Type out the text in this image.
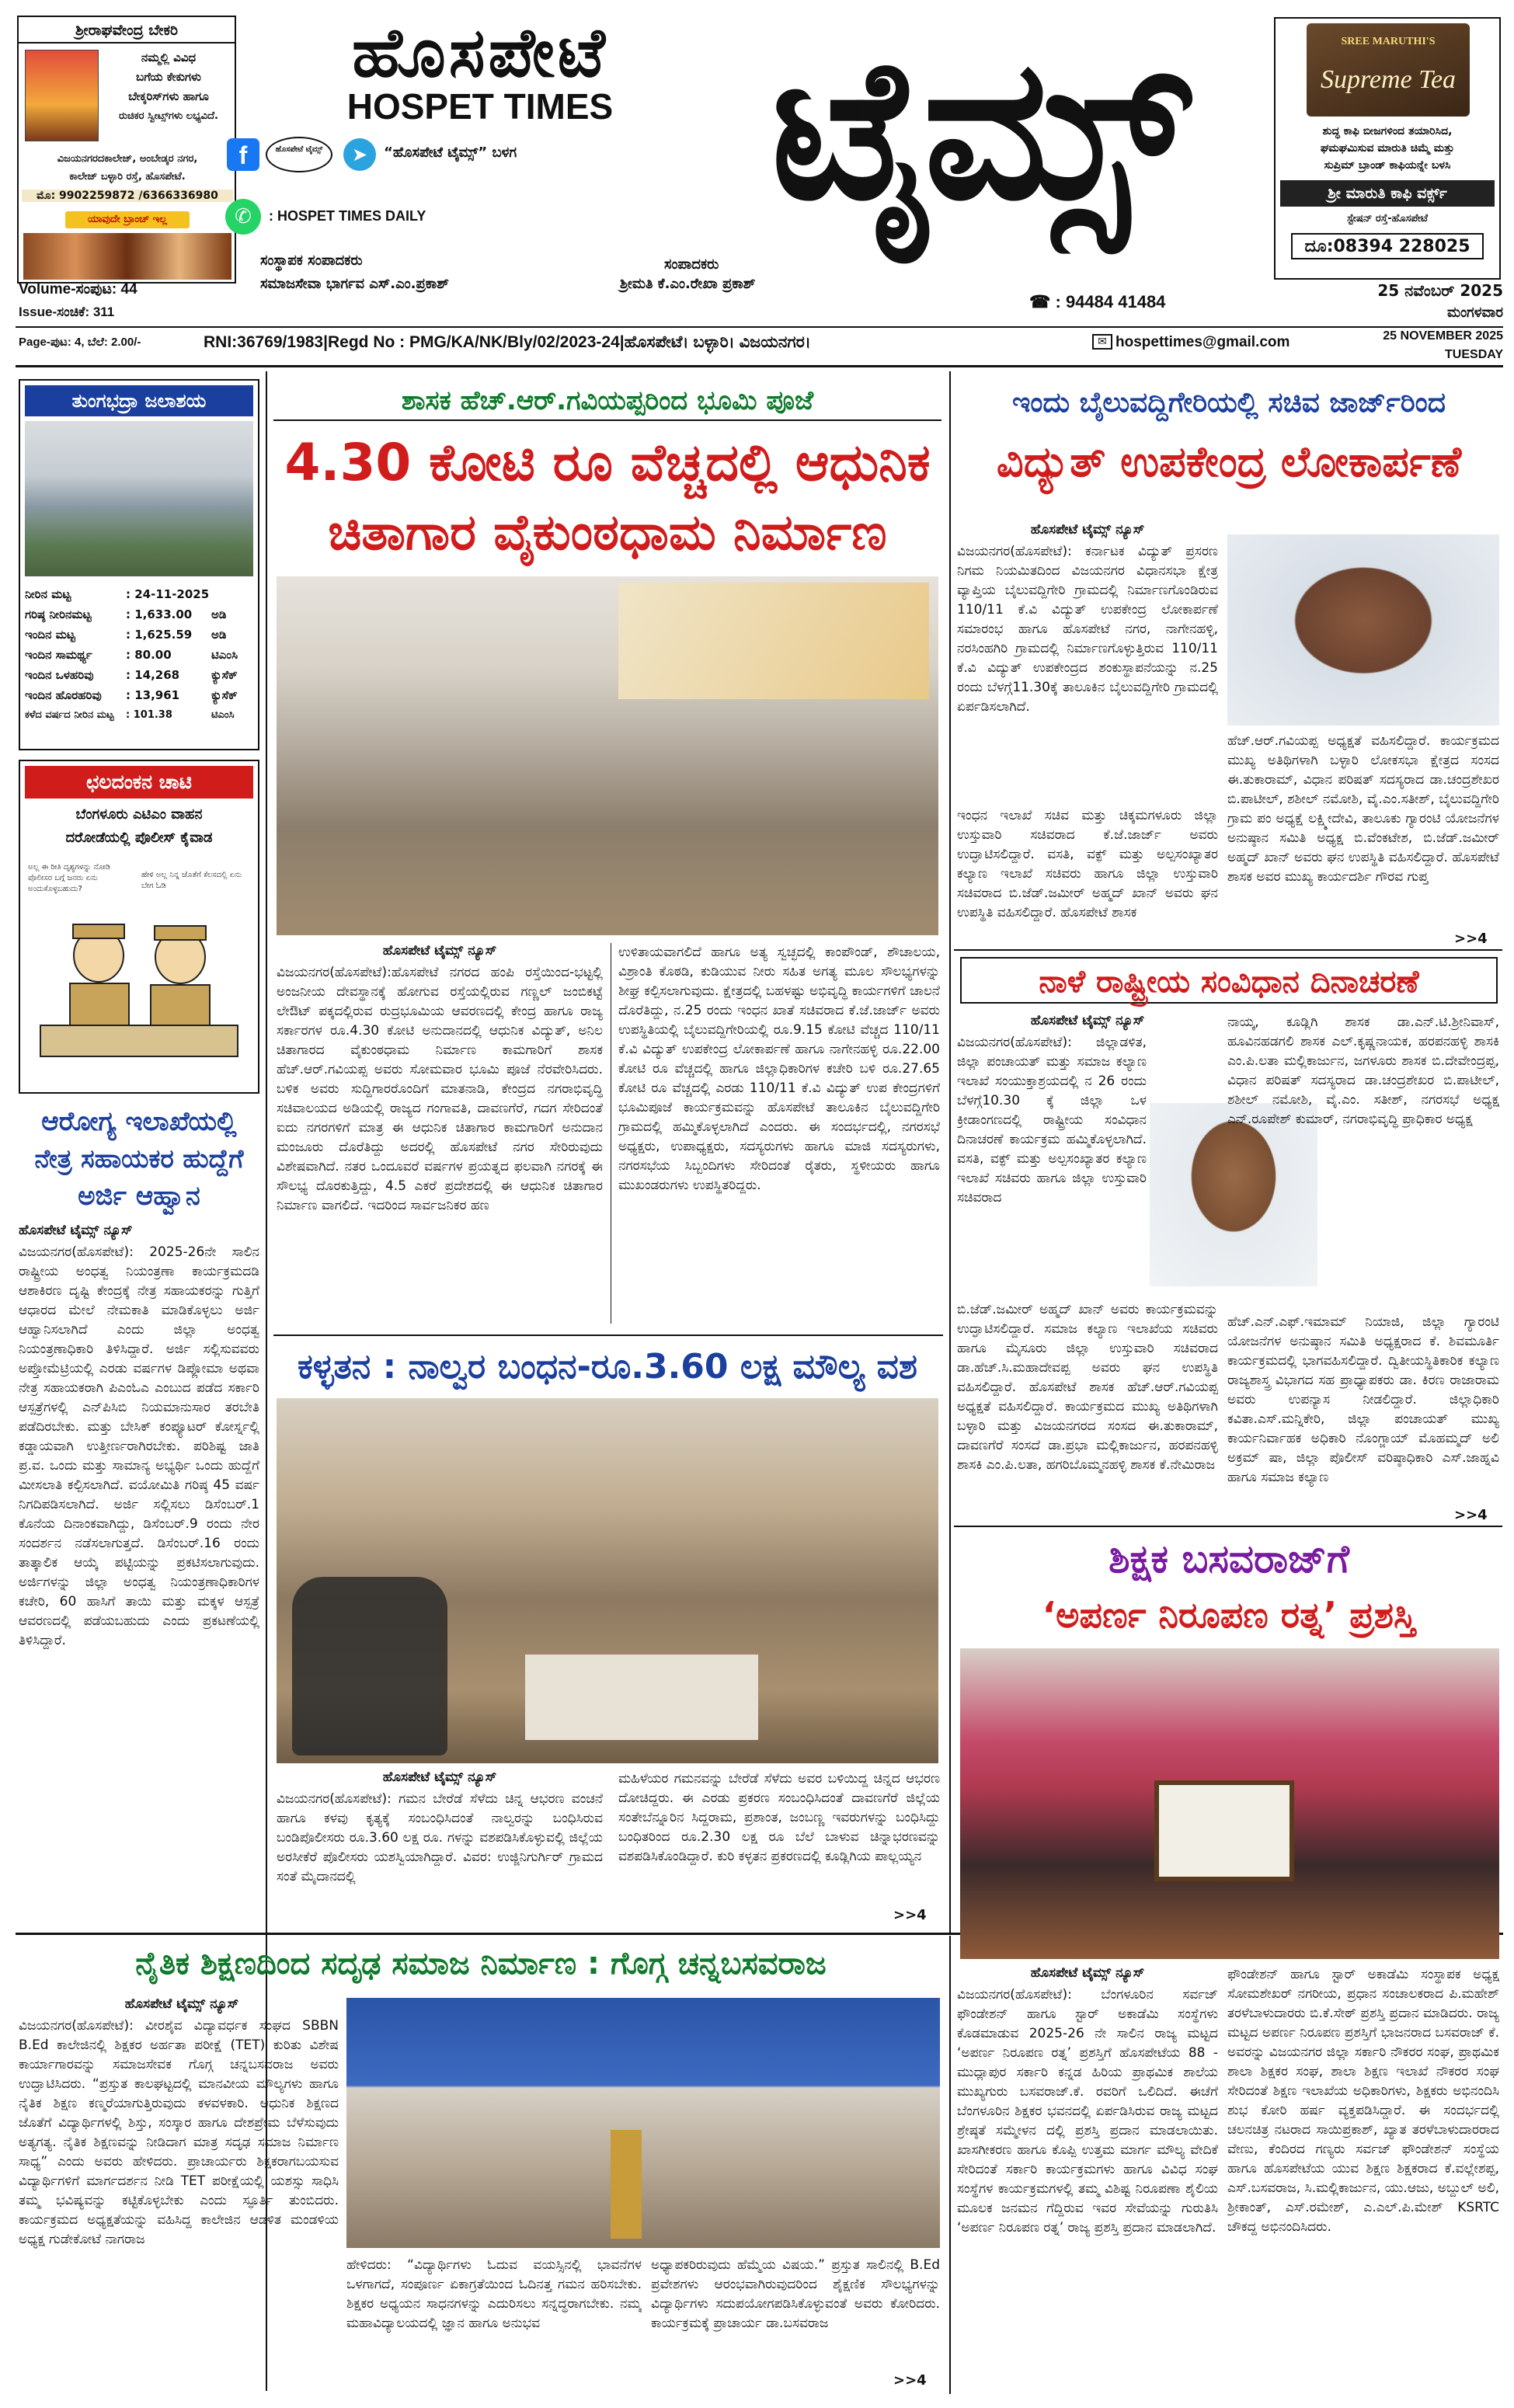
ಶ್ರೀರಾಘವೇಂದ್ರ ಬೇಕರಿ
ನಮ್ಮಲ್ಲಿ ವಿವಿಧ
ಬಗೆಯ ಕೇಕುಗಳು
ಬೇಕ್ಕರಿಸ್‌ಗಳು ಹಾಗೂ
ರುಚಿಕರ ಸ್ವೀಟ್ಸ್‌ಗಳು ಲಭ್ಯವಿದೆ.
ವಿಜಯನಗರದಕಾಲೇಜ್, ಅಂಬೇಡ್ಕರ ನಗರ,
ಕಾಲೇಜ್ ಬಳ್ಳಾರಿ ರಸ್ತೆ, ಹೊಸಪೇಟೆ.
ಮೊ: 9902259872 /6366336980
ಯಾವುದೇ ಬ್ರಾಂಚ್ ಇಲ್ಲ
ಹೊಸಪೇಟೆ
HOSPET TIMES
f	ಹೊಸಪೇಟೆ ಟೈಮ್ಸ್	➤	“ಹೊಸಪೇಟೆ ಟೈಮ್ಸ್” ಬಳಗ
✆	: HOSPET TIMES DAILY
ಸಂಸ್ಥಾಪಕ ಸಂಪಾದಕರು
ಸಮಾಜಸೇವಾ ಭಾರ್ಗವ ಎಸ್.ಎಂ.ಪ್ರಕಾಶ್
ಸಂಪಾದಕರು
ಶ್ರೀಮತಿ ಕೆ.ಎಂ.ರೇಖಾ ಪ್ರಕಾಶ್
ಟೈಮ್ಸ್	SREE MARUTHI'S
Supreme Tea
ಶುದ್ಧ ಕಾಫಿ ಬೀಜಗಳಿಂದ ತಯಾರಿಸಿದ,
ಘಮಘಮಿಸುವ ಮಾರುತಿ ಚಿಮ್ಮೆ ಮತ್ತು
ಸುಪ್ರಿಮ್ ಬ್ರಾಂಡ್ ಕಾಫಿಯನ್ನೇ ಬಳಸಿ
ಶ್ರೀ ಮಾರುತಿ ಕಾಫಿ ವರ್ಕ್ಸ್
ಸ್ಟೇಷನ್ ರಸ್ತೆ-ಹೊಸಪೇಟೆ
ದೂ:08394 228025
Volume-ಸಂಪುಟ: 44
Issue-ಸಂಚಿಕೆ: 311
☎ : 94484 41484
25 ನವೆಂಬರ್ 2025
ಮಂಗಳವಾರ
Page-ಪುಟ: 4, ಬೆಲೆ: 2.00/-	RNI:36769/1983|Regd No : PMG/KA/NK/Bly/02/2023-24|ಹೊಸಪೇಟೆ। ಬಳ್ಳಾರಿ। ವಿಜಯನಗರ।	✉ hospettimes@gmail.com	25 NOVEMBER 2025
TUESDAY
ತುಂಗಭದ್ರಾ ಜಲಾಶಯ
ನೀರಿನ ಮಟ್ಟ	: 24-11-2025
ಗರಿಷ್ಠ ನೀರಿನಮಟ್ಟ	: 1,633.00	ಅಡಿ
ಇಂದಿನ ಮಟ್ಟ	: 1,625.59	ಅಡಿ
ಇಂದಿನ ಸಾಮರ್ಥ್ಯ	: 80.00	ಟಿಎಂಸಿ
ಇಂದಿನ ಒಳಹರಿವು	: 14,268	ಕ್ಯುಸೆಕ್
ಇಂದಿನ ಹೊರಹರಿವು	: 13,961	ಕ್ಯುಸೆಕ್
ಕಳೆದ ವರ್ಷದ ನೀರಿನ ಮಟ್ಟ	: 101.38	ಟಿಎಂಸಿ
ಛಲದಂಕನ ಚಾಟಿ
ಬೆಂಗಳೂರು ಎಟಿಎಂ ವಾಹನ
ದರೋಡೆಯಲ್ಲಿ ಪೊಲೀಸ್ ಕೈವಾಡ
ಅಲ್ಲ ಈ ರೀತಿ ದೃಶ್ಯಗಳನ್ನು ನೋಡಿ ಪೊಲೀಸರ ಬಗ್ಗೆ ಜನರು ಏನು ಅಂದುಕೊಳ್ಳಬಹುದು?
ಹೇಳಿ ಅಲ್ಲ ನಿನ್ನ ಜೊತೆಗೆ ಕೆಲಸದಲ್ಲಿ ಏನು ಬೇಗ ಓಡಿ
ಆರೋಗ್ಯ ಇಲಾಖೆಯಲ್ಲಿ
ನೇತ್ರ ಸಹಾಯಕರ ಹುದ್ದೆಗೆ
ಅರ್ಜಿ ಆಹ್ವಾನ
ಹೊಸಪೇಟೆ ಟೈಮ್ಸ್ ನ್ಯೂಸ್
ವಿಜಯನಗರ(ಹೊಸಪೇಟೆ): 2025-26ನೇ ಸಾಲಿನ ರಾಷ್ಟ್ರೀಯ ಅಂಧತ್ವ ನಿಯಂತ್ರಣಾ ಕಾರ್ಯಕ್ರಮದಡಿ ಆಶಾಕಿರಣ ದೃಷ್ಟಿ ಕೇಂದ್ರಕ್ಕೆ ನೇತ್ರ ಸಹಾಯಕರನ್ನು ಗುತ್ತಿಗೆ ಆಧಾರದ ಮೇಲೆ ನೇಮಕಾತಿ ಮಾಡಿಕೊಳ್ಳಲು ಅರ್ಜಿ ಆಹ್ವಾನಿಸಲಾಗಿದೆ ಎಂದು ಜಿಲ್ಲಾ ಅಂಧತ್ವ ನಿಯಂತ್ರಣಾಧಿಕಾರಿ ತಿಳಿಸಿದ್ದಾರೆ. ಅರ್ಜಿ ಸಲ್ಲಿಸುವವರು ಅಪ್ತೋಮೆಟ್ರಿಯಲ್ಲಿ ಎರಡು ವರ್ಷಗಳ ಡಿಪ್ಲೋಮಾ ಅಥವಾ ನೇತ್ರ ಸಹಾಯಕರಾಗಿ ಪಿಎಂಓಎ ಎಂಬುದ ಪಡೆದ ಸರ್ಕಾರಿ ಆಸ್ಪತ್ರೆಗಳಲ್ಲಿ ಎನ್‌ಪಿಸಿಬಿ ನಿಯಮಾನುಸಾರ ತರಬೇತಿ ಪಡೆದಿರಬೇಕು. ಮತ್ತು ಬೇಸಿಕ್ ಕಂಪ್ಯೂಟರ್ ಕೋರ್ಸ್ನಲ್ಲಿ ಕಡ್ಡಾಯವಾಗಿ ಉತ್ತೀರ್ಣರಾಗಿರಬೇಕು. ಪರಿಶಿಷ್ಟ ಜಾತಿ ಪ್ರ.ವ. ಒಂದು ಮತ್ತು ಸಾಮಾನ್ಯ ಅಭ್ಯರ್ಥಿ ಒಂದು ಹುದ್ದೆಗೆ ಮೀಸಲಾತಿ ಕಲ್ಪಿಸಲಾಗಿದೆ. ವಯೋಮಿತಿ ಗರಿಷ್ಠ 45 ವರ್ಷ ನಿಗದಿಪಡಿಸಲಾಗಿದೆ. ಅರ್ಜಿ ಸಲ್ಲಿಸಲು ಡಿಸೆಂಬರ್.1 ಕೊನೆಯ ದಿನಾಂಕವಾಗಿದ್ದು, ಡಿಸೆಂಬರ್.9 ರಂದು ನೇರ ಸಂದರ್ಶನ ನಡೆಸಲಾಗುತ್ತದೆ. ಡಿಸೆಂಬರ್.16 ರಂದು ತಾತ್ಕಾಲಿಕ ಆಯ್ಕೆ ಪಟ್ಟಿಯನ್ನು ಪ್ರಕಟಿಸಲಾಗುವುದು. ಅರ್ಜಿಗಳನ್ನು ಜಿಲ್ಲಾ ಅಂಧತ್ವ ನಿಯಂತ್ರಣಾಧಿಕಾರಿಗಳ ಕಚೇರಿ, 60 ಹಾಸಿಗೆ ತಾಯಿ ಮತ್ತು ಮಕ್ಕಳ ಆಸ್ಪತ್ರೆ ಆವರಣದಲ್ಲಿ ಪಡೆಯಬಹುದು ಎಂದು ಪ್ರಕಟಣೆಯಲ್ಲಿ ತಿಳಿಸಿದ್ದಾರೆ.
ಶಾಸಕ ಹೆಚ್.ಆರ್.ಗವಿಯಪ್ಪರಿಂದ ಭೂಮಿ ಪೂಜೆ
4.30 ಕೋಟಿ ರೂ ವೆಚ್ಚದಲ್ಲಿ ಆಧುನಿಕ
ಚಿತಾಗಾರ ವೈಕುಂಠಧಾಮ ನಿರ್ಮಾಣ
ಹೊಸಪೇಟೆ ಟೈಮ್ಸ್ ನ್ಯೂಸ್
ವಿಜಯನಗರ(ಹೊಸಪೇಟೆ):ಹೊಸಪೇಟೆ ನಗರದ ಹಂಪಿ ರಸ್ತೆಯಿಂದ-ಭಟ್ಟಲ್ಲಿ ಅಂಜನೀಯ ದೇವಸ್ಥಾನಕ್ಕೆ ಹೋಗುವ ರಸ್ತೆಯಲ್ಲಿರುವ ಗಣ್ಣಲ್ ಜಂಬಿಕಟ್ಟೆ ಲೇಔಟ್ ಪಕ್ಕದಲ್ಲಿರುವ ರುದ್ರಭೂಮಿಯ ಆವರಣದಲ್ಲಿ ಕೇಂದ್ರ ಹಾಗೂ ರಾಜ್ಯ ಸರ್ಕಾರಗಳ ರೂ.4.30 ಕೋಟಿ ಅನುದಾನದಲ್ಲಿ ಆಧುನಿಕ ವಿದ್ಯುತ್, ಅನಿಲ ಚಿತಾಗಾರದ ವೈಕುಂಠಧಾಮ ನಿರ್ಮಾಣ ಕಾಮಗಾರಿಗೆ ಶಾಸಕ ಹೆಚ್.ಆರ್.ಗವಿಯಪ್ಪ ಅವರು ಸೋಮವಾರ ಭೂಮಿ ಪೂಜೆ ನೆರವೇರಿಸಿದರು. ಬಳಿಕ ಅವರು ಸುದ್ದಿಗಾರರೊಂದಿಗೆ ಮಾತನಾಡಿ, ಕೇಂದ್ರದ ನಗರಾಭಿವೃದ್ಧಿ ಸಚಿವಾಲಯದ ಅಡಿಯಲ್ಲಿ ರಾಜ್ಯದ ಗಂಗಾವತಿ, ದಾವಣಗೆರೆ, ಗದಗ ಸೇರಿದಂತೆ ಐದು ನಗರಗಳಿಗೆ ಮಾತ್ರ ಈ ಆಧುನಿಕ ಚಿತಾಗಾರ ಕಾಮಗಾರಿಗೆ ಅನುದಾನ ಮಂಜೂರು ದೊರೆತಿದ್ದು ಅದರಲ್ಲಿ ಹೊಸಪೇಟೆ ನಗರ ಸೇರಿರುವುದು ವಿಶೇಷವಾಗಿದೆ. ನತರ ಒಂದೂವರೆ ವರ್ಷಗಳ ಪ್ರಯತ್ನದ ಫಲವಾಗಿ ನಗರಕ್ಕೆ ಈ ಸೌಲಭ್ಯ ದೊರಕುತ್ತಿದ್ದು, 4.5 ಎಕರೆ ಪ್ರದೇಶದಲ್ಲಿ ಈ ಆಧುನಿಕ ಚಿತಾಗಾರ ನಿರ್ಮಾಣ ವಾಗಲಿದೆ. ಇದರಿಂದ ಸಾರ್ವಜನಿಕರ ಹಣ
ಉಳಿತಾಯವಾಗಲಿದೆ ಹಾಗೂ ಅತ್ಯ ಸ್ವಚ್ಛದಲ್ಲಿ ಕಾಂಪೌಂಡ್, ಶೌಚಾಲಯ, ವಿಶ್ರಾಂತಿ ಕೊಠಡಿ, ಕುಡಿಯುವ ನೀರು ಸಹಿತ ಅಗತ್ಯ ಮೂಲ ಸೌಲಭ್ಯಗಳನ್ನು ಶೀಘ್ರ ಕಲ್ಪಿಸಲಾಗುವುದು. ಕ್ಷೇತ್ರದಲ್ಲಿ ಬಹಳಷ್ಟು ಅಭಿವೃದ್ಧಿ ಕಾರ್ಯಗಳಿಗೆ ಚಾಲನೆ ದೊರೆತಿದ್ದು, ನ.25 ರಂದು ಇಂಧನ ಖಾತೆ ಸಚಿವರಾದ ಕೆ.ಜೆ.ಜಾರ್ಜ್ ಅವರು ಉಪಸ್ಥಿತಿಯಲ್ಲಿ ಬೈಲುವದ್ದಿಗೇರಿಯಲ್ಲಿ ರೂ.9.15 ಕೋಟಿ ವೆಚ್ಚದ 110/11 ಕೆ.ವಿ ವಿದ್ಯುತ್ ಉಪಕೇಂದ್ರ ಲೋಕಾರ್ಪಣೆ ಹಾಗೂ ನಾಗೇನಹಳ್ಳಿ ರೂ.22.00 ಕೋಟಿ ರೂ ವೆಚ್ಚದಲ್ಲಿ ಹಾಗೂ ಜಿಲ್ಲಾಧಿಕಾರಿಗಳ ಕಚೇರಿ ಬಳಿ ರೂ.27.65 ಕೋಟಿ ರೂ ವೆಚ್ಚದಲ್ಲಿ ಎರಡು 110/11 ಕೆ.ವಿ ವಿದ್ಯುತ್ ಉಪ ಕೇಂದ್ರಗಳಿಗೆ ಭೂಮಿಪೂಜೆ ಕಾರ್ಯಕ್ರಮವನ್ನು ಹೊಸಪೇಟೆ ತಾಲೂಕಿನ ಬೈಲುವದ್ದಿಗೇರಿ ಗ್ರಾಮದಲ್ಲಿ ಹಮ್ಮಿಕೊಳ್ಳಲಾಗಿದೆ ಎಂದರು. ಈ ಸಂದರ್ಭದಲ್ಲಿ, ನಗರಸಭೆ ಅಧ್ಯಕ್ಷರು, ಉಪಾಧ್ಯಕ್ಷರು, ಸದಸ್ಯರುಗಳು ಹಾಗೂ ಮಾಜಿ ಸದಸ್ಯರುಗಳು, ನಗರಸಭೆಯ ಸಿಬ್ಬಂದಿಗಳು ಸೇರಿದಂತೆ ರೈತರು, ಸ್ಥಳೀಯರು ಹಾಗೂ ಮುಖಂಡರುಗಳು ಉಪಸ್ಥಿತರಿದ್ದರು.
ಕಳ್ಳತನ : ನಾಲ್ವರ ಬಂಧನ-ರೂ.3.60 ಲಕ್ಷ ಮೌಲ್ಯ ವಶ
ಹೊಸಪೇಟೆ ಟೈಮ್ಸ್ ನ್ಯೂಸ್
ವಿಜಯನಗರ(ಹೊಸಪೇಟೆ): ಗಮನ ಬೇರೆಡೆ ಸೆಳೆದು ಚಿನ್ನ ಆಭರಣ ವಂಚನೆ ಹಾಗೂ ಕಳವು ಕೃತ್ಯಕ್ಕೆ ಸಂಬಂಧಿಸಿದಂತೆ ನಾಲ್ವರನ್ನು ಬಂಧಿಸಿರುವ ಬಂಡಿಪೊಲೀಸರು ರೂ.3.60 ಲಕ್ಷ ರೂ. ಗಳನ್ನು ವಶಪಡಿಸಿಕೊಳ್ಳುವಲ್ಲಿ ಜಿಲ್ಲೆಯ ಅರಸೀಕೆರೆ ಪೊಲೀಸರು ಯಶಸ್ವಿಯಾಗಿದ್ದಾರೆ. ವಿವರ: ಉಜ್ಜಿನಿಗುರ್ಗಿರ್ ಗ್ರಾಮದ ಸಂತೆ ಮೈದಾನದಲ್ಲಿ
ಮಹಿಳೆಯರ ಗಮನವನ್ನು ಬೇರೆಡೆ ಸೆಳೆದು ಅವರ ಬಳಿಯಿದ್ದ ಚಿನ್ನದ ಆಭರಣ ದೋಚಿದ್ದರು. ಈ ಎರಡು ಪ್ರಕರಣ ಸಂಬಂಧಿಸಿದಂತೆ ದಾವಣಗೆರೆ ಜಿಲ್ಲೆಯ ಸಂತೇಬೆನ್ನೂರಿನ ಸಿದ್ದರಾಮ, ಪ್ರಶಾಂತ, ಜಂಬಣ್ಣ ಇವರುಗಳನ್ನು ಬಂಧಿಸಿದ್ದು ಬಂಧಿತರಿಂದ ರೂ.2.30 ಲಕ್ಷ ರೂ ಬೆಲೆ ಬಾಳುವ ಚಿನ್ನಾಭರಣವನ್ನು ವಶಪಡಿಸಿಕೊಂಡಿದ್ದಾರೆ. ಕುರಿ ಕಳ್ಳತನ ಪ್ರಕರಣದಲ್ಲಿ ಕೂಡ್ಲಿಗಿಯ ಪಾಲ್ಲಯ್ಯನ
>>4
ಇಂದು ಬೈಲುವದ್ದಿಗೇರಿಯಲ್ಲಿ ಸಚಿವ ಜಾರ್ಜ್‌ರಿಂದ
ವಿದ್ಯುತ್ ಉಪಕೇಂದ್ರ ಲೋಕಾರ್ಪಣೆ
ಹೊಸಪೇಟೆ ಟೈಮ್ಸ್ ನ್ಯೂಸ್
ವಿಜಯನಗರ(ಹೊಸಪೇಟೆ): ಕರ್ನಾಟಕ ವಿದ್ಯುತ್ ಪ್ರಸರಣ ನಿಗಮ ನಿಯಮಿತದಿಂದ ವಿಜಯನಗರ ವಿಧಾನಸಭಾ ಕ್ಷೇತ್ರ ವ್ಯಾಪ್ತಿಯ ಬೈಲುವದ್ದಿಗೇರಿ ಗ್ರಾಮದಲ್ಲಿ ನಿರ್ಮಾಣಗೊಂಡಿರುವ 110/11 ಕೆ.ವಿ ವಿದ್ಯುತ್ ಉಪಕೇಂದ್ರ ಲೋಕಾರ್ಪಣೆ ಸಮಾರಂಭ ಹಾಗೂ ಹೊಸಪೇಟೆ ನಗರ, ನಾಗೇನಹಳ್ಳಿ, ನರಸಿಂಹಗಿರಿ ಗ್ರಾಮದಲ್ಲಿ ನಿರ್ಮಾಣಗೊಳ್ಳುತ್ತಿರುವ 110/11 ಕೆ.ವಿ ವಿದ್ಯುತ್ ಉಪಕೇಂದ್ರದ ಶಂಕುಸ್ಥಾಪನೆಯನ್ನು ನ.25 ರಂದು ಬೆಳಗ್ಗೆ11.30ಕ್ಕೆ ತಾಲೂಕಿನ ಬೈಲುವದ್ದಿಗೇರಿ ಗ್ರಾಮದಲ್ಲಿ ಏರ್ಪಡಿಸಲಾಗಿದೆ.
ಹೆಚ್.ಆರ್.ಗವಿಯಪ್ಪ ಅಧ್ಯಕ್ಷತೆ ವಹಿಸಲಿದ್ದಾರೆ. ಕಾರ್ಯಕ್ರಮದ ಮುಖ್ಯ ಅತಿಥಿಗಳಾಗಿ ಬಳ್ಳಾರಿ ಲೋಕಸಭಾ ಕ್ಷೇತ್ರದ ಸಂಸದ ಈ.ತುಕಾರಾಮ್, ವಿಧಾನ ಪರಿಷತ್ ಸದಸ್ಯರಾದ ಡಾ.ಚಂದ್ರಶೇಖರ ಬಿ.ಪಾಟೀಲ್, ಶಶೀಲ್ ನಮೋಶಿ, ವೈ.ಎಂ.ಸತೀಶ್, ಬೈಲುವದ್ದಿಗೇರಿ ಗ್ರಾಮ ಪಂ ಅಧ್ಯಕ್ಷೆ ಲಕ್ಷ್ಮೀದೇವಿ, ತಾಲೂಕು ಗ್ಯಾರಂಟಿ ಯೋಜನೆಗಳ ಅನುಷ್ಠಾನ ಸಮಿತಿ ಅಧ್ಯಕ್ಷ ಬಿ.ವೆಂಕಟೇಶ, ಬಿ.ಜೆಡ್.ಜಮೀರ್ ಅಹ್ಮದ್ ಖಾನ್ ಅವರು ಘನ ಉಪಸ್ಥಿತಿ ವಹಿಸಲಿದ್ದಾರೆ. ಹೊಸಪೇಟೆ ಶಾಸಕ ಅವರ ಮುಖ್ಯ ಕಾರ್ಯದರ್ಶಿ ಗೌರವ ಗುಪ್ತ
ಇಂಧನ ಇಲಾಖೆ ಸಚಿವ ಮತ್ತು ಚಿಕ್ಕಮಗಳೂರು ಜಿಲ್ಲಾ ಉಸ್ತುವಾರಿ ಸಚಿವರಾದ ಕೆ.ಜೆ.ಜಾರ್ಜ್ ಅವರು ಉದ್ಘಾಟಿಸಲಿದ್ದಾರೆ. ವಸತಿ, ವಕ್ಫ್ ಮತ್ತು ಅಲ್ಪಸಂಖ್ಯಾತರ ಕಲ್ಯಾಣ ಇಲಾಖೆ ಸಚಿವರು ಹಾಗೂ ಜಿಲ್ಲಾ ಉಸ್ತುವಾರಿ ಸಚಿವರಾದ ಬಿ.ಜೆಡ್.ಜಮೀರ್ ಅಹ್ಮದ್ ಖಾನ್ ಅವರು ಘನ ಉಪಸ್ಥಿತಿ ವಹಿಸಲಿದ್ದಾರೆ. ಹೊಸಪೇಟೆ ಶಾಸಕ
>>4
ನಾಳೆ ರಾಷ್ಟ್ರೀಯ ಸಂವಿಧಾನ ದಿನಾಚರಣೆ
ಹೊಸಪೇಟೆ ಟೈಮ್ಸ್ ನ್ಯೂಸ್
ವಿಜಯನಗರ(ಹೊಸಪೇಟೆ): ಜಿಲ್ಲಾಡಳಿತ, ಜಿಲ್ಲಾ ಪಂಚಾಯತ್ ಮತ್ತು ಸಮಾಜ ಕಲ್ಯಾಣ ಇಲಾಖೆ ಸಂಯುಕ್ತಾಶ್ರಯದಲ್ಲಿ ನ 26 ರಂದು ಬೆಳಗ್ಗೆ10.30 ಕ್ಕೆ ಜಿಲ್ಲಾ ಒಳ ಕ್ರೀಡಾಂಗಣದಲ್ಲಿ ರಾಷ್ಟ್ರೀಯ ಸಂವಿಧಾನ ದಿನಾಚರಣೆ ಕಾರ್ಯಕ್ರಮ ಹಮ್ಮಿಕೊಳ್ಳಲಾಗಿದೆ. ವಸತಿ, ವಕ್ಫ್ ಮತ್ತು ಅಲ್ಪಸಂಖ್ಯಾತರ ಕಲ್ಯಾಣ ಇಲಾಖೆ ಸಚಿವರು ಹಾಗೂ ಜಿಲ್ಲಾ ಉಸ್ತುವಾರಿ ಸಚಿವರಾದ
ಬಿ.ಜೆಡ್.ಜಮೀರ್ ಅಹ್ಮದ್ ಖಾನ್ ಅವರು ಕಾರ್ಯಕ್ರಮವನ್ನು ಉದ್ಘಾಟಿಸಲಿದ್ದಾರೆ. ಸಮಾಜ ಕಲ್ಯಾಣ ಇಲಾಖೆಯ ಸಚಿವರು ಹಾಗೂ ಮೈಸೂರು ಜಿಲ್ಲಾ ಉಸ್ತುವಾರಿ ಸಚಿವರಾದ ಡಾ.ಹೆಚ್.ಸಿ.ಮಹಾದೇವಪ್ಪ ಅವರು ಘನ ಉಪಸ್ಥಿತಿ ವಹಿಸಲಿದ್ದಾರೆ. ಹೊಸಪೇಟೆ ಶಾಸಕ ಹೆಚ್.ಆರ್.ಗವಿಯಪ್ಪ ಅಧ್ಯಕ್ಷತೆ ವಹಿಸಲಿದ್ದಾರೆ. ಕಾರ್ಯಕ್ರಮದ ಮುಖ್ಯ ಅತಿಥಿಗಳಾಗಿ ಬಳ್ಳಾರಿ ಮತ್ತು ವಿಜಯನಗರದ ಸಂಸದ ಈ.ತುಕಾರಾಮ್, ದಾವಣಗೆರೆ ಸಂಸದೆ ಡಾ.ಪ್ರಭಾ ಮಲ್ಲಿಕಾರ್ಜುನ, ಹರಪನಹಳ್ಳಿ ಶಾಸಕಿ ಎಂ.ಪಿ.ಲತಾ, ಹಗರಿಬೊಮ್ಮನಹಳ್ಳಿ ಶಾಸಕ ಕೆ.ನೇಮಿರಾಜ
ನಾಯ್ಕ, ಕೂಡ್ಲಿಗಿ ಶಾಸಕ ಡಾ.ಎನ್.ಟಿ.ಶ್ರೀನಿವಾಸ್, ಹೂವಿನಹಡಗಲಿ ಶಾಸಕ ಎಲ್.ಕೃಷ್ಣನಾಯಕ, ಹರಪನಹಳ್ಳಿ ಶಾಸಕಿ ಎಂ.ಪಿ.ಲತಾ ಮಲ್ಲಿಕಾರ್ಜುನ, ಜಗಳೂರು ಶಾಸಕ ಬಿ.ದೇವೇಂದ್ರಪ್ಪ, ವಿಧಾನ ಪರಿಷತ್ ಸದಸ್ಯರಾದ ಡಾ.ಚಂದ್ರಶೇಖರ ಬಿ.ಪಾಟೀಲ್, ಶಶೀಲ್ ನಮೋಶಿ, ವೈ.ಎಂ. ಸತೀಶ್, ನಗರಸಭೆ ಅಧ್ಯಕ್ಷ ಎನ್.ರೂಪೇಶ್ ಕುಮಾರ್, ನಗರಾಭಿವೃದ್ಧಿ ಪ್ರಾಧಿಕಾರ ಅಧ್ಯಕ್ಷ
ಹೆಚ್.ಎನ್.ಎಫ್.ಇಮಾಮ್ ನಿಯಾಜಿ, ಜಿಲ್ಲಾ ಗ್ಯಾರಂಟಿ ಯೋಜನೆಗಳ ಅನುಷ್ಠಾನ ಸಮಿತಿ ಅಧ್ಯಕ್ಷರಾದ ಕೆ. ಶಿವಮೂರ್ತಿ ಕಾರ್ಯಕ್ರಮದಲ್ಲಿ ಭಾಗವಹಿಸಲಿದ್ದಾರೆ. ದ್ವಿತೀಯಸ್ಥಿತಿಕಾರಿಕ ಕಲ್ಯಾಣ ರಾಜ್ಯಶಾಸ್ತ್ರ ವಿಭಾಗದ ಸಹ ಪ್ರಾಧ್ಯಾಪಕರು ಡಾ. ಕಿರಣ ರಾಜಾರಾಮ ಅವರು ಉಪನ್ಯಾಸ ನೀಡಲಿದ್ದಾರೆ. ಜಿಲ್ಲಾಧಿಕಾರಿ ಕವಿತಾ.ಎಸ್.ಮನ್ನಿಕೇರಿ, ಜಿಲ್ಲಾ ಪಂಚಾಯತ್ ಮುಖ್ಯ ಕಾರ್ಯನಿರ್ವಾಹಕ ಅಧಿಕಾರಿ ನೊಂಗ್ಜಾಯ್ ಮೊಹಮ್ಮದ್ ಅಲಿ ಅಕ್ರಮ್ ಷಾ, ಜಿಲ್ಲಾ ಪೊಲೀಸ್ ವರಿಷ್ಠಾಧಿಕಾರಿ ಎಸ್.ಜಾಹ್ನವಿ ಹಾಗೂ ಸಮಾಜ ಕಲ್ಯಾಣ
>>4
ಶಿಕ್ಷಕ ಬಸವರಾಜ್‌ಗೆ
‘ಅಪರ್ಣ ನಿರೂಪಣ ರತ್ನ’ ಪ್ರಶಸ್ತಿ
ಹೊಸಪೇಟೆ ಟೈಮ್ಸ್ ನ್ಯೂಸ್
ವಿಜಯನಗರ(ಹೊಸಪೇಟೆ): ಬೆಂಗಳೂರಿನ ಸರ್ವಜ್ ಫೌಂಡೇಶನ್ ಹಾಗೂ ಸ್ಟಾರ್ ಅಕಾಡೆಮಿ ಸಂಸ್ಥೆಗಳು ಕೊಡಮಾಡುವ 2025-26 ನೇ ಸಾಲಿನ ರಾಜ್ಯ ಮಟ್ಟದ ‘ಅಪರ್ಣ ನಿರೂಪಣ ರತ್ನ’ ಪ್ರಶಸ್ತಿಗೆ ಹೊಸಪೇಟೆಯ 88 - ಮುದ್ಲಾಪುರ ಸರ್ಕಾರಿ ಕನ್ನಡ ಹಿರಿಯ ಪ್ರಾಥಮಿಕ ಶಾಲೆಯ ಮುಖ್ಯಗುರು ಬಸವರಾಜ್.ಕೆ. ರವರಿಗೆ ಒಲಿದಿದೆ. ಈಚೆಗೆ ಬೆಂಗಳೂರಿನ ಶಿಕ್ಷಕರ ಭವನದಲ್ಲಿ ಏರ್ಪಡಿಸಿರುವ ರಾಜ್ಯ ಮಟ್ಟದ ಶ್ರೇಷ್ಠತೆ ಸಮ್ಮೇಳನ ದಲ್ಲಿ ಪ್ರಶಸ್ತಿ ಪ್ರದಾನ ಮಾಡಲಾಯಿತು. ಖಾಸಗೀಕರಣ ಹಾಗೂ ಕೊಪ್ಪಿ ಉತ್ತಮ ಮಾರ್ಗ ಮೌಲ್ಯ ವೇದಿಕೆ ಸೇರಿದಂತೆ ಸರ್ಕಾರಿ ಕಾರ್ಯಕ್ರಮಗಳು ಹಾಗೂ ವಿವಿಧ ಸಂಘ ಸಂಸ್ಥೆಗಳ ಕಾರ್ಯಕ್ರಮಗಳಲ್ಲಿ ತಮ್ಮ ವಿಶಿಷ್ಟ ನಿರೂಪಣಾ ಶೈಲಿಯ ಮೂಲಕ ಜನಮನ ಗೆದ್ದಿರುವ ಇವರ ಸೇವೆಯನ್ನು ಗುರುತಿಸಿ ‘ಅಪರ್ಣ ನಿರೂಪಣ ರತ್ನ’ ರಾಜ್ಯ ಪ್ರಶಸ್ತಿ ಪ್ರದಾನ ಮಾಡಲಾಗಿದೆ.
ಫೌಂಡೇಶನ್ ಹಾಗೂ ಸ್ಟಾರ್ ಅಕಾಡೆಮಿ ಸಂಸ್ಥಾಪಕ ಅಧ್ಯಕ್ಷ ಸೋಮಶೇಖರ್ ನಗರೀಯ, ಪ್ರಧಾನ ಸಂಚಾಲಕರಾದ ಪಿ.ಮಹೇಶ್ ತರಳೆಬಾಳುದಾರರು ಬಿ.ಕೆ.ಸೇಠ್ ಪ್ರಶಸ್ತಿ ಪ್ರದಾನ ಮಾಡಿದರು. ರಾಜ್ಯ ಮಟ್ಟದ ಅಪರ್ಣ ನಿರೂಪಣ ಪ್ರಶಸ್ತಿಗೆ ಭಾಜನರಾದ ಬಸವರಾಜ್ ಕೆ. ಅವರನ್ನು ವಿಜಯನಗರ ಜಿಲ್ಲಾ ಸರ್ಕಾರಿ ನೌಕರರ ಸಂಘ, ಪ್ರಾಥಮಿಕ ಶಾಲಾ ಶಿಕ್ಷಕರ ಸಂಘ, ಶಾಲಾ ಶಿಕ್ಷಣ ಇಲಾಖೆ ನೌಕರರ ಸಂಘ ಸೇರಿದಂತೆ ಶಿಕ್ಷಣ ಇಲಾಖೆಯ ಅಧಿಕಾರಿಗಳು, ಶಿಕ್ಷಕರು ಅಭಿನಂದಿಸಿ ಶುಭ ಕೋರಿ ಹರ್ಷ ವ್ಯಕ್ತಪಡಿಸಿದ್ದಾರೆ. ಈ ಸಂದರ್ಭದಲ್ಲಿ ಚಲನಚಿತ್ರ ನಟರಾದ ಸಾಯಿಪ್ರಕಾಶ್, ಖ್ಯಾತ ತರಳೆಬಾಳುದಾರರಾದ ವೇಣು, ಕೆಂದಿರದ ಗಣ್ಯರು ಸರ್ವಜ್ ಫೌಂಡೇಶನ್ ಸಂಸ್ಥೆಯ ಹಾಗೂ ಹೊಸಪೇಟೆಯ ಯುವ ಶಿಕ್ಷಣ ಶಿಕ್ಷಕರಾದ ಕೆ.ವಲ್ಲೇಶಪ್ಪ, ಎಸ್.ಬಸವರಾಜ, ಸಿ.ಮಲ್ಲಿಕಾರ್ಜುನ, ಯು.ಆಜು, ಅಬ್ದುಲ್ ಅಲಿ, ಶ್ರೀಕಾಂತ್, ಎಸ್.ರಮೇಶ್, ಎ.ಎಲ್.ಪಿ.ಮೇಶ್ KSRTC ಚೌಕದ್ದ ಅಭಿನಂದಿಸಿದರು.
ನೈತಿಕ ಶಿಕ್ಷಣದಿಂದ ಸದೃಢ ಸಮಾಜ ನಿರ್ಮಾಣ : ಗೊಗ್ಗ ಚನ್ನಬಸವರಾಜ
ಹೊಸಪೇಟೆ ಟೈಮ್ಸ್ ನ್ಯೂಸ್
ವಿಜಯನಗರ(ಹೊಸಪೇಟೆ): ವೀರಶೈವ ವಿದ್ಯಾವರ್ಧಕ ಸಂಘದ SBBN B.Ed ಕಾಲೇಜಿನಲ್ಲಿ ಶಿಕ್ಷಕರ ಅರ್ಹತಾ ಪರೀಕ್ಷೆ (TET) ಕುರಿತು ವಿಶೇಷ ಕಾರ್ಯಾಗಾರವನ್ನು ಸಮಾಜಸೇವಕ ಗೊಗ್ಗ ಚನ್ನಬಸವರಾಜ ಅವರು ಉದ್ಘಾಟಿಸಿದರು. “ಪ್ರಸ್ತುತ ಕಾಲಘಟ್ಟದಲ್ಲಿ ಮಾನವೀಯ ಮೌಲ್ಯಗಳು ಹಾಗೂ ನೈತಿಕ ಶಿಕ್ಷಣ ಕಣ್ಮರೆಯಾಗುತ್ತಿರುವುದು ಕಳವಳಕಾರಿ. ಆಧುನಿಕ ಶಿಕ್ಷಣದ ಜೊತೆಗೆ ವಿದ್ಯಾರ್ಥಿಗಳಲ್ಲಿ ಶಿಸ್ತು, ಸಂಸ್ಕಾರ ಹಾಗೂ ದೇಶಪ್ರೇಮ ಬೆಳೆಸುವುದು ಅತ್ಯಗತ್ಯ. ನೈತಿಕ ಶಿಕ್ಷಣವನ್ನು ನೀಡಿದಾಗ ಮಾತ್ರ ಸದೃಢ ಸಮಾಜ ನಿರ್ಮಾಣ ಸಾಧ್ಯ” ಎಂದು ಅವರು ಹೇಳಿದರು. ಪ್ರಾಚಾರ್ಯರು ಶಿಕ್ಷಕರಾಗಬಯಸುವ ವಿದ್ಯಾರ್ಥಿಗಳಿಗೆ ಮಾರ್ಗದರ್ಶನ ನೀಡಿ TET ಪರೀಕ್ಷೆಯಲ್ಲಿ ಯಶಸ್ಸು ಸಾಧಿಸಿ ತಮ್ಮ ಭವಿಷ್ಯವನ್ನು ಕಟ್ಟಿಕೊಳ್ಳಬೇಕು ಎಂದು ಸ್ಫೂರ್ತಿ ತುಂಬಿದರು. ಕಾರ್ಯಕ್ರಮದ ಅಧ್ಯಕ್ಷತೆಯನ್ನು ವಹಿಸಿದ್ದ ಕಾಲೇಜಿನ ಆಡಳಿತ ಮಂಡಳಿಯ ಅಧ್ಯಕ್ಷ ಗುಡೇಕೋಟೆ ನಾಗರಾಜ
ಹೇಳಿದರು: “ವಿದ್ಯಾರ್ಥಿಗಳು ಓದುವ ವಯಸ್ಸಿನಲ್ಲಿ ಭಾವನೆಗಳ ಒಳಗಾಗದೆ, ಸಂಪೂರ್ಣ ಏಕಾಗ್ರತೆಯಿಂದ ಓದಿನತ್ತ ಗಮನ ಹರಿಸಬೇಕು. ಶಿಕ್ಷಕರ ಅಧ್ಯಯನ ಸಾಧನಗಳನ್ನು ಎದುರಿಸಲು ಸನ್ನದ್ಧರಾಗಬೇಕು. ನಮ್ಮ ಮಹಾವಿದ್ಯಾಲಯದಲ್ಲಿ ಜ್ಞಾನ ಹಾಗೂ ಅನುಭವ
ಅಧ್ಯಾಪಕರಿರುವುದು ಹೆಮ್ಮೆಯ ವಿಷಯ.” ಪ್ರಸ್ತುತ ಸಾಲಿನಲ್ಲಿ B.Ed ಪ್ರವೇಶಗಳು ಆರಂಭವಾಗಿರುವುದರಿಂದ ಶೈಕ್ಷಣಿಕ ಸೌಲಭ್ಯಗಳನ್ನು ವಿದ್ಯಾರ್ಥಿಗಳು ಸದುಪಯೋಗಪಡಿಸಿಕೊಳ್ಳುವಂತೆ ಅವರು ಕೋರಿದರು. ಕಾರ್ಯಕ್ರಮಕ್ಕೆ ಪ್ರಾಚಾರ್ಯ ಡಾ.ಬಸವರಾಜ
>>4
